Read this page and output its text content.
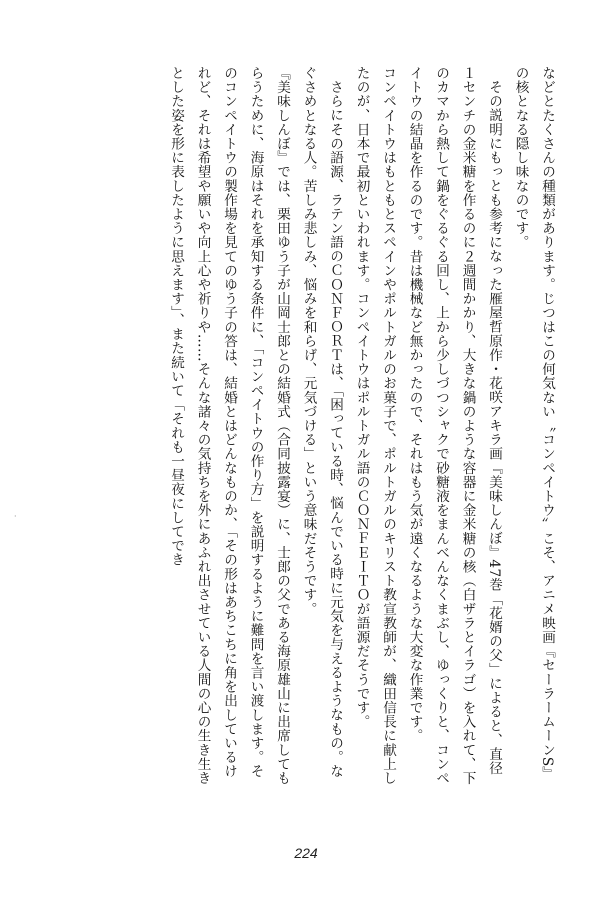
などとたくさんの種類があります。じつはこの何気ない〝コンペイトウ〟こそ、アニメ映画『セーラームーンS』の核となる隠し味なのです。

その説明にもっとも参考になった雁屋哲原作・花咲アキラ画『美味しんぼ』47巻「花婿の父」によると、直径１センチの金米糖を作るのに２週間かかり、大きな鍋のような容器に金米糖の核（白ザラとイラゴ）を入れて、下のカマから熱して鍋をぐるぐる回し、上から少しづつシャクで砂糖液をまんべんなくまぶし、ゆっくりと、コンペイトウの結晶を作るのです。昔は機械など無かったので、それはもう気が遠くなるような大変な作業です。

コンペイトウはもともとスペインやポルトガルのお菓子で、ポルトガルのキリスト教宣教師が、織田信長に献上したのが、日本で最初といわれます。コンペイトウはポルトガル語のＣＯＮＦＥＩＴＯが語源だそうです。

さらにその語源、ラテン語のＣＯＮＦＯＲＴは、「困っている時、悩んでいる時に元気を与えるようなもの。なぐさめとなる人。苦しみ悲しみ、悩みを和らげ、元気づける」という意味だそうです。

『美味しんぼ』では、栗田ゆう子が山岡士郎との結婚式（合同披露宴）に、士郎の父である海原雄山に出席してもらうために、海原はそれを承知する条件に、「コンペイトウの作り方」を説明するように難問を言い渡します。そのコンペイトウの製作場を見てのゆう子の答は、結婚とはどんなものか、「その形はあちこちに角を出しているけれど、それは希望や願いや向上心や祈りや……そんな諸々の気持ちを外にあふれ出させている人間の心の生き生きとした姿を形に表したように思えます」、また続いて「それも一昼夜にしてでき

·
224
